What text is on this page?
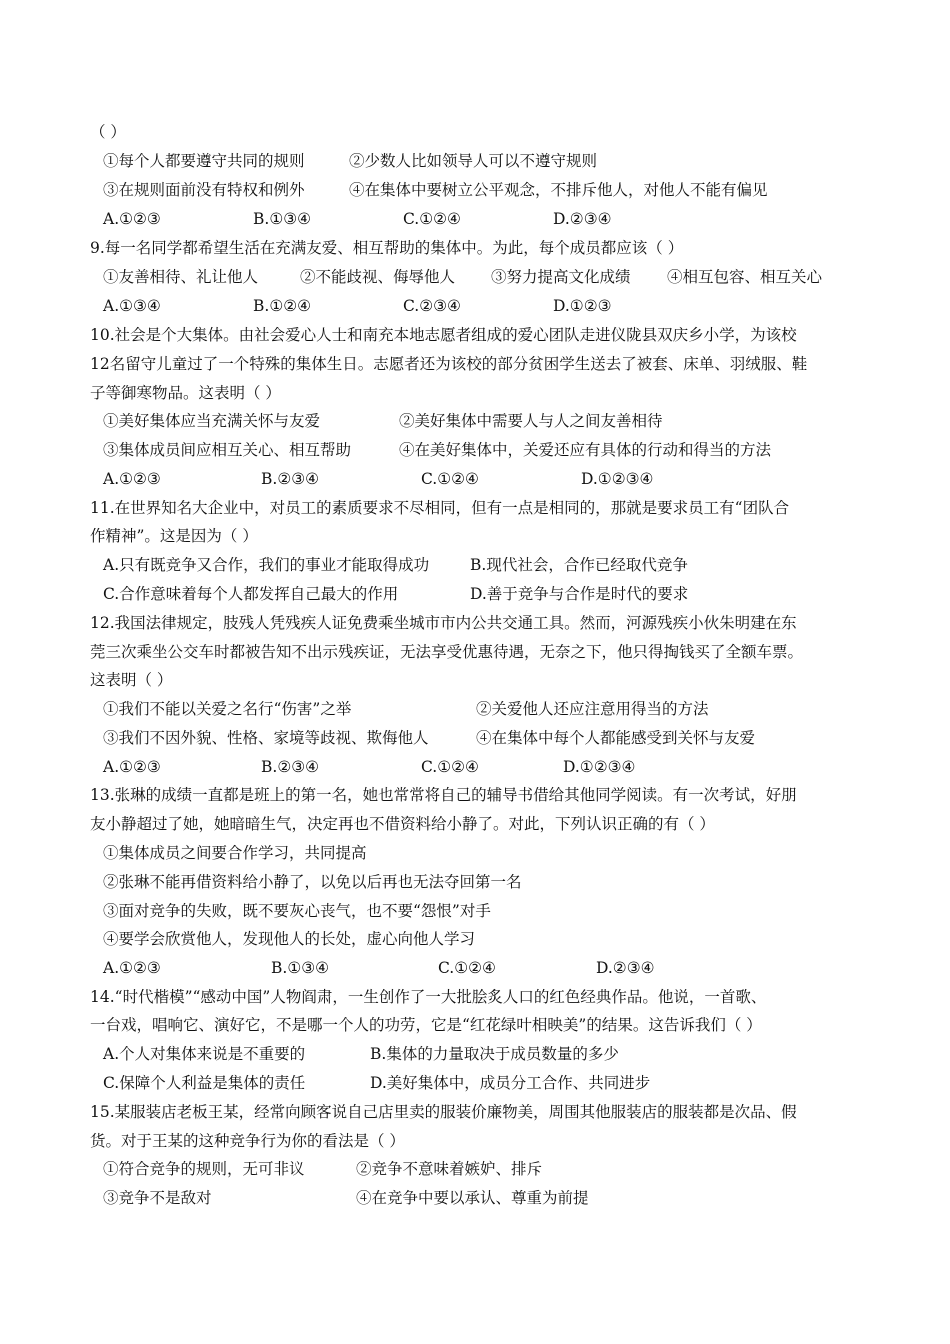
（ ）
①每个人都要遵守共同的规则	②少数人比如领导人可以不遵守规则
③在规则面前没有特权和例外	④在集体中要树立公平观念，不排斥他人，对他人不能有偏见
A.①②③	B.①③④	C.①②④	D.②③④
9.每一名同学都希望生活在充满友爱、相互帮助的集体中。为此，每个成员都应该（ ）
①友善相待、礼让他人	②不能歧视、侮辱他人 ③努力提高文化成绩 ④相互包容、相互关心
A.①③④	B.①②④	C.②③④	D.①②③
10.社会是个大集体。由社会爱心人士和南充本地志愿者组成的爱心团队走进仪陇县双庆乡小学，为该校
12名留守儿童过了一个特殊的集体生日。志愿者还为该校的部分贫困学生送去了被套、床单、羽绒服、鞋
子等御寒物品。这表明（ ）
①美好集体应当充满关怀与友爱	②美好集体中需要人与人之间友善相待
③集体成员间应相互关心、相互帮助	④在美好集体中，关爱还应有具体的行动和得当的方法
A.①②③	B.②③④	C.①②④	D.①②③④
11.在世界知名大企业中，对员工的素质要求不尽相同，但有一点是相同的，那就是要求员工有“团队合
作精神”。这是因为（ ）
A.只有既竞争又合作，我们的事业才能取得成功	B.现代社会，合作已经取代竞争
C.合作意味着每个人都发挥自己最大的作用	D.善于竞争与合作是时代的要求
12.我国法律规定，肢残人凭残疾人证免费乘坐城市市内公共交通工具。然而，河源残疾小伙朱明建在东
莞三次乘坐公交车时都被告知不出示残疾证，无法享受优惠待遇，无奈之下，他只得掏钱买了全额车票。
这表明（ ）
①我们不能以关爱之名行“伤害”之举	②关爱他人还应注意用得当的方法
③我们不因外貌、性格、家境等歧视、欺侮他人	④在集体中每个人都能感受到关怀与友爱
A.①②③	B.②③④	C.①②④	D.①②③④
13.张琳的成绩一直都是班上的第一名，她也常常将自己的辅导书借给其他同学阅读。有一次考试，好朋
友小静超过了她，她暗暗生气，决定再也不借资料给小静了。对此，下列认识正确的有（ ）
①集体成员之间要合作学习，共同提高
②张琳不能再借资料给小静了，以免以后再也无法夺回第一名
③面对竞争的失败，既不要灰心丧气，也不要“怨恨”对手
④要学会欣赏他人，发现他人的长处，虚心向他人学习
A.①②③	B.①③④	C.①②④	D.②③④
14.“时代楷模”“感动中国”人物阎肃，一生创作了一大批脍炙人口的红色经典作品。他说，一首歌、
一台戏，唱响它、演好它，不是哪一个人的功劳，它是“红花绿叶相映美”的结果。这告诉我们（ ）
A.个人对集体来说是不重要的	B.集体的力量取决于成员数量的多少
C.保障个人利益是集体的责任	D.美好集体中，成员分工合作、共同进步
15.某服装店老板王某，经常向顾客说自己店里卖的服装价廉物美，周围其他服装店的服装都是次品、假
货。对于王某的这种竞争行为你的看法是（ ）
①符合竞争的规则，无可非议	②竞争不意味着嫉妒、排斥
③竞争不是敌对	④在竞争中要以承认、尊重为前提
